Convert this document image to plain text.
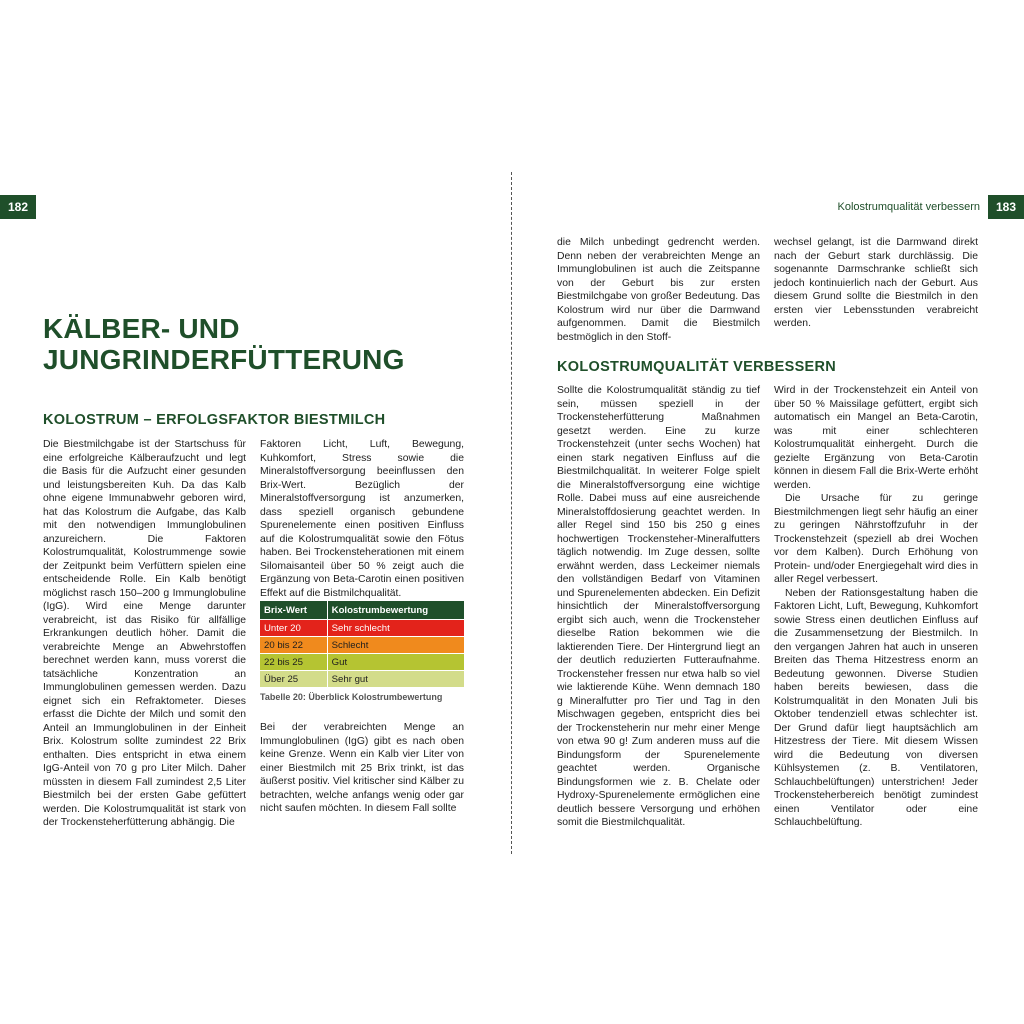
182	183
Kolostrumqualität verbessern
KÄLBER- UND
JUNGRINDERFÜTTERUNG
KOLOSTRUM – ERFOLGSFAKTOR BIESTMILCH

Die Biestmilchgabe ist der Startschuss für eine erfolgreiche Kälberaufzucht und legt die Basis für die Aufzucht einer gesunden und leistungsbereiten Kuh. Da das Kalb ohne eigene Immunabwehr geboren wird, hat das Kolostrum die Aufgabe, das Kalb mit den notwendigen Immunglobulinen anzureichern. Die Faktoren Kolostrumqualität, Kolostrummenge sowie der Zeitpunkt beim Verfüttern spielen eine entscheidende Rolle. Ein Kalb benötigt möglichst rasch 150–200 g Immunglobuline (IgG). Wird eine Menge darunter verabreicht, ist das Risiko für allfällige Erkrankungen deutlich höher. Damit die verabreichte Menge an Abwehrstoffen berechnet werden kann, muss vorerst die tatsächliche Konzentration an Immunglobulinen gemessen werden. Dazu eignet sich ein Refraktometer. Dieses erfasst die Dichte der Milch und somit den Anteil an Immunglobulinen in der Einheit Brix. Kolostrum sollte zumindest 22 Brix enthalten. Dies entspricht in etwa einem IgG-Anteil von 70 g pro Liter Milch. Daher müssten in diesem Fall zumindest 2,5 Liter Biestmilch bei der ersten Gabe gefüttert werden. Die Kolostrumqualität ist stark von der Trockensteherfütterung abhängig. Die

Faktoren Licht, Luft, Bewegung, Kuhkomfort, Stress sowie die Mineralstoffversorgung beeinflussen den Brix-Wert. Bezüglich der Mineralstoffversorgung ist anzumerken, dass speziell organisch gebundene Spurenelemente einen positiven Einfluss auf die Kolostrumqualität sowie den Fötus haben. Bei Trockensteherationen mit einem Silomaisanteil über 50 % zeigt auch die Ergänzung von Beta-Carotin einen positiven Effekt auf die Bistmilchqualität.

Brix-Wert	Kolostrumbewertung
Unter 20	Sehr schlecht
20 bis 22	Schlecht
22 bis 25	Gut
Über 25	Sehr gut
Tabelle 20: Überblick Kolostrumbewertung

Bei der verabreichten Menge an Immunglobulinen (IgG) gibt es nach oben keine Grenze. Wenn ein Kalb vier Liter von einer Biestmilch mit 25 Brix trinkt, ist das äußerst positiv. Viel kritischer sind Kälber zu betrachten, welche anfangs wenig oder gar nicht saufen möchten. In diesem Fall sollte

die Milch unbedingt gedrencht werden. Denn neben der verabreichten Menge an Immunglobulinen ist auch die Zeitspanne von der Geburt bis zur ersten Biestmilchgabe von großer Bedeutung. Das Kolostrum wird nur über die Darmwand aufgenommen. Damit die Biestmilch bestmöglich in den Stoff-

wechsel gelangt, ist die Darmwand direkt nach der Geburt stark durchlässig. Die sogenannte Darmschranke schließt sich jedoch kontinuierlich nach der Geburt. Aus diesem Grund sollte die Biestmilch in den ersten vier Lebensstunden verabreicht werden.

KOLOSTRUMQUALITÄT VERBESSERN

Sollte die Kolostrumqualität ständig zu tief sein, müssen speziell in der Trockensteherfütterung Maßnahmen gesetzt werden. Eine zu kurze Trockenstehzeit (unter sechs Wochen) hat einen stark negativen Einfluss auf die Biestmilchqualität. In weiterer Folge spielt die Mineralstoffversorgung eine wichtige Rolle. Dabei muss auf eine ausreichende Mineralstoffdosierung geachtet werden. In aller Regel sind 150 bis 250 g eines hochwertigen Trockensteher-Mineralfutters täglich notwendig. Im Zuge dessen, sollte erwähnt werden, dass Leckeimer niemals den vollständigen Bedarf von Vitaminen und Spurenelementen abdecken. Ein Defizit hinsichtlich der Mineralstoffversorgung ergibt sich auch, wenn die Trockensteher dieselbe Ration bekommen wie die laktierenden Tiere. Der Hintergrund liegt an der deutlich reduzierten Futteraufnahme. Trockensteher fressen nur etwa halb so viel wie laktierende Kühe. Wenn demnach 180 g Mineralfutter pro Tier und Tag in den Mischwagen gegeben, entspricht dies bei der Trockensteherin nur mehr einer Menge von etwa 90 g! Zum anderen muss auf die Bindungsform der Spurenelemente geachtet werden. Organische Bindungsformen wie z. B. Chelate oder Hydroxy-Spurenelemente ermöglichen eine deutlich bessere Versorgung und erhöhen somit die Biestmilchqualität.

Wird in der Trockenstehzeit ein Anteil von über 50 % Maissilage gefüttert, ergibt sich automatisch ein Mangel an Beta-Carotin, was mit einer schlechteren Kolostrumqualität einhergeht. Durch die gezielte Ergänzung von Beta-Carotin können in diesem Fall die Brix-Werte erhöht werden.

Die Ursache für zu geringe Biestmilchmengen liegt sehr häufig an einer zu geringen Nährstoffzufuhr in der Trockenstehzeit (speziell ab drei Wochen vor dem Kalben). Durch Erhöhung von Protein- und/oder Energiegehalt wird dies in aller Regel verbessert.

Neben der Rationsgestaltung haben die Faktoren Licht, Luft, Bewegung, Kuhkomfort sowie Stress einen deutlichen Einfluss auf die Zusammensetzung der Biestmilch. In den vergangen Jahren hat auch in unseren Breiten das Thema Hitzestress enorm an Bedeutung gewonnen. Diverse Studien haben bereits bewiesen, dass die Kolstrumqualität in den Monaten Juli bis Oktober tendenziell etwas schlechter ist. Der Grund dafür liegt hauptsächlich am Hitzestress der Tiere. Mit diesem Wissen wird die Bedeutung von diversen Kühlsystemen (z. B. Ventilatoren, Schlauchbelüftungen) unterstrichen! Jeder Trockensteherbereich benötigt zumindest einen Ventilator oder eine Schlauchbelüftung.
